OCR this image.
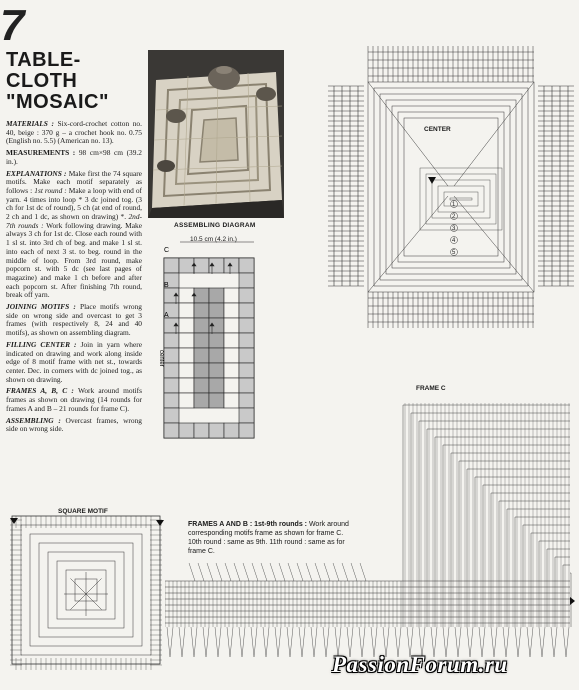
7
TABLE-
CLOTH
"MOSAIC"

MATERIALS : Six-cord-crochet cotton no. 40, beige : 370 g – a crochet hook no. 0.75 (English no. 5.5) (American no. 13).

MEASUREMENTS : 98 cm×98 cm (39.2 in.).

EXPLANATIONS : Make first the 74 square motifs. Make each motif separately as follows : 1st round : Make a loop with end of yarn. 4 times into loop * 3 dc joined tog. (3 ch for 1st dc of round), 5 ch (at end of round, 2 ch and 1 dc, as shown on drawing) *. 2nd-7th rounds : Work following drawing. Make always 3 ch for 1st dc. Close each round with 1 sl st. into 3rd ch of beg. and make 1 sl st. into each of next 3 st. to beg. round in the middle of loop. From 3rd round, make popcorn st. with 5 dc (see last pages of magazine) and make 1 ch before and after each popcorn st. After finishing 7th round, break off yarn.

JOINING MOTIFS : Place motifs wrong side on wrong side and overcast to get 3 frames (with respectively 8, 24 and 40 motifs), as shown on assembling diagram.

FILLING CENTER : Join in yarn where indicated on drawing and work along inside edge of 8 motif frame with net st., towards center. Dec. in corners with dc joined tog., as shown on drawing.

FRAMES A, B, C : Work around motifs frames as shown on drawing (14 rounds for frames A and B – 21 rounds for frame C).

ASSEMBLING : Overcast frames, wrong side on wrong side.

ASSEMBLING DIAGRAM
10.5 cm (4.2 in.)
C
B
A
center
CENTER
1
2
3
4
5
FRAME C
FRAMES A AND B : 1st-9th rounds : Work around corresponding motifs frame as shown for frame C. 10th round : same as 9th. 11th round : same as for frame C.
SQUARE MOTIF
PassionForum.ru
